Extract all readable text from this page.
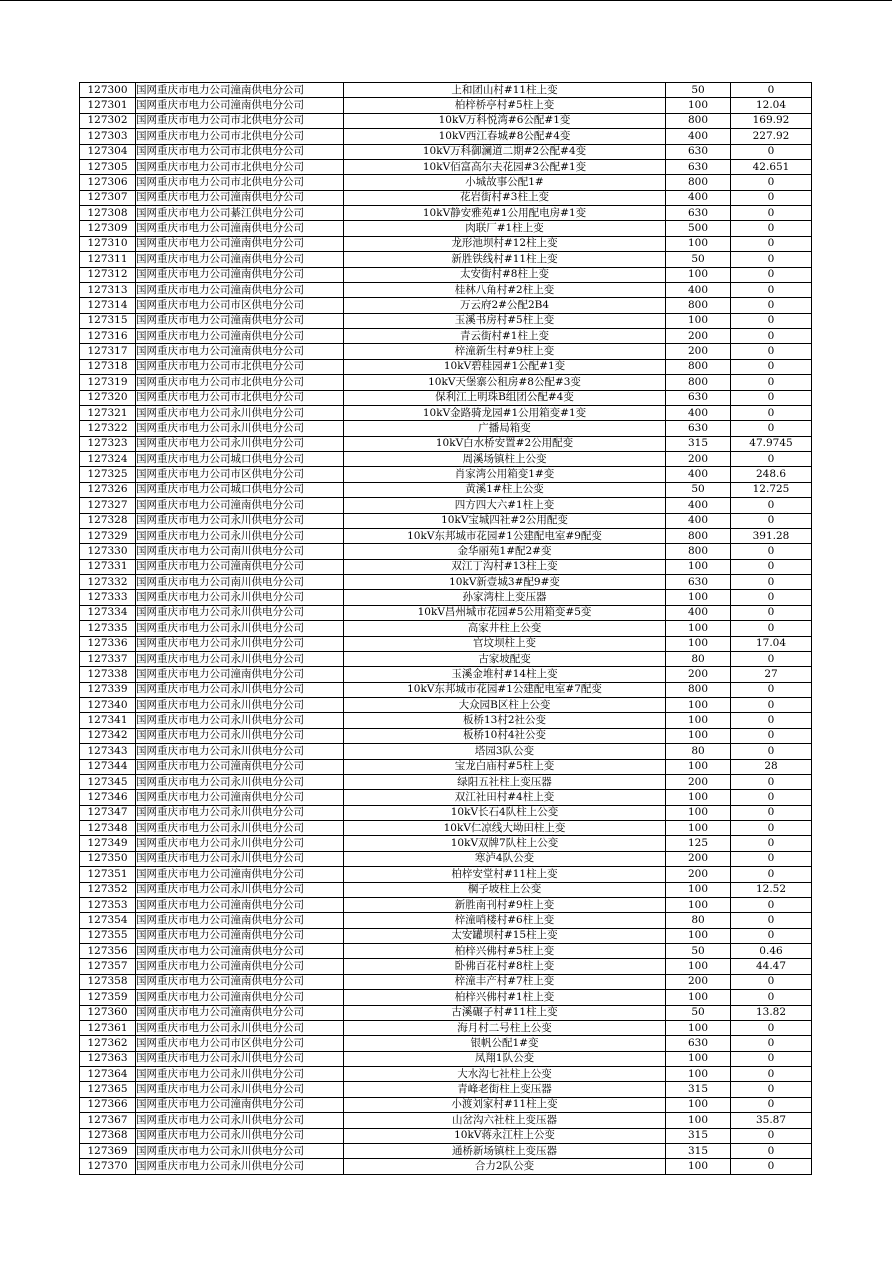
127300	国网重庆市电力公司潼南供电分公司	上和团山村#11柱上变	50	0
127301	国网重庆市电力公司潼南供电分公司	柏梓桥亭村#5柱上变	100	12.04
127302	国网重庆市电力公司市北供电分公司	10kV万科悦湾#6公配#1变	800	169.92
127303	国网重庆市电力公司市北供电分公司	10kV西江春城#8公配#4变	400	227.92
127304	国网重庆市电力公司市北供电分公司	10kV万科御澜道二期#2公配#4变	630	0
127305	国网重庆市电力公司市北供电分公司	10kV佰富高尔夫花园#3公配#1变	630	42.651
127306	国网重庆市电力公司市北供电分公司	小城故事公配1#	800	0
127307	国网重庆市电力公司潼南供电分公司	花岩街村#3柱上变	400	0
127308	国网重庆市电力公司綦江供电分公司	10kV静安雅苑#1公用配电房#1变	630	0
127309	国网重庆市电力公司潼南供电分公司	肉联厂#1柱上变	500	0
127310	国网重庆市电力公司潼南供电分公司	龙形池坝村#12柱上变	100	0
127311	国网重庆市电力公司潼南供电分公司	新胜铁线村#11柱上变	50	0
127312	国网重庆市电力公司潼南供电分公司	太安街村#8柱上变	100	0
127313	国网重庆市电力公司潼南供电分公司	桂林八角村#2柱上变	400	0
127314	国网重庆市电力公司市区供电分公司	万云府2#公配2B4	800	0
127315	国网重庆市电力公司潼南供电分公司	玉溪书房村#5柱上变	100	0
127316	国网重庆市电力公司潼南供电分公司	青云街村#1柱上变	200	0
127317	国网重庆市电力公司潼南供电分公司	梓潼新生村#9柱上变	200	0
127318	国网重庆市电力公司市北供电分公司	10kV碧桂园#1公配#1变	800	0
127319	国网重庆市电力公司市北供电分公司	10kV天堡寨公租房#8公配#3变	800	0
127320	国网重庆市电力公司市北供电分公司	保利江上明珠B组团公配#4变	630	0
127321	国网重庆市电力公司永川供电分公司	10kV金路骑龙园#1公用箱变#1变	400	0
127322	国网重庆市电力公司永川供电分公司	广播局箱变	630	0
127323	国网重庆市电力公司永川供电分公司	10kV白水桥安置#2公用配变	315	47.9745
127324	国网重庆市电力公司城口供电分公司	周溪场镇柱上公变	200	0
127325	国网重庆市电力公司市区供电分公司	肖家湾公用箱变1#变	400	248.6
127326	国网重庆市电力公司城口供电分公司	黄溪1#柱上公变	50	12.725
127327	国网重庆市电力公司潼南供电分公司	四方四大六#1柱上变	400	0
127328	国网重庆市电力公司永川供电分公司	10kV宝城四社#2公用配变	400	0
127329	国网重庆市电力公司永川供电分公司	10kV东邦城市花园#1公建配电室#9配变	800	391.28
127330	国网重庆市电力公司南川供电分公司	金华丽苑1#配2#变	800	0
127331	国网重庆市电力公司潼南供电分公司	双江丁沟村#13柱上变	100	0
127332	国网重庆市电力公司南川供电分公司	10kV新壹城3#配9#变	630	0
127333	国网重庆市电力公司永川供电分公司	孙家湾柱上变压器	100	0
127334	国网重庆市电力公司永川供电分公司	10kV昌州城市花园#5公用箱变#5变	400	0
127335	国网重庆市电力公司永川供电分公司	高家井柱上公变	100	0
127336	国网重庆市电力公司永川供电分公司	官坟坝柱上变	100	17.04
127337	国网重庆市电力公司永川供电分公司	古家坡配变	80	0
127338	国网重庆市电力公司潼南供电分公司	玉溪金堆村#14柱上变	200	27
127339	国网重庆市电力公司永川供电分公司	10kV东邦城市花园#1公建配电室#7配变	800	0
127340	国网重庆市电力公司永川供电分公司	大众园B区柱上公变	100	0
127341	国网重庆市电力公司永川供电分公司	板桥13村2社公变	100	0
127342	国网重庆市电力公司永川供电分公司	板桥10村4社公变	100	0
127343	国网重庆市电力公司永川供电分公司	塔园3队公变	80	0
127344	国网重庆市电力公司潼南供电分公司	宝龙白庙村#5柱上变	100	28
127345	国网重庆市电力公司永川供电分公司	绿阳五社柱上变压器	200	0
127346	国网重庆市电力公司潼南供电分公司	双江社田村#4柱上变	100	0
127347	国网重庆市电力公司永川供电分公司	10kV长石4队柱上公变	100	0
127348	国网重庆市电力公司永川供电分公司	10kV仁凉线大坳田柱上变	100	0
127349	国网重庆市电力公司永川供电分公司	10kV双牌7队柱上公变	125	0
127350	国网重庆市电力公司永川供电分公司	寒泸4队公变	200	0
127351	国网重庆市电力公司潼南供电分公司	柏梓安堂村#11柱上变	200	0
127352	国网重庆市电力公司永川供电分公司	棡子坡柱上公变	100	12.52
127353	国网重庆市电力公司潼南供电分公司	新胜南刊村#9柱上变	100	0
127354	国网重庆市电力公司潼南供电分公司	梓潼哨楼村#6柱上变	80	0
127355	国网重庆市电力公司潼南供电分公司	太安罐坝村#15柱上变	100	0
127356	国网重庆市电力公司潼南供电分公司	柏梓兴佛村#5柱上变	50	0.46
127357	国网重庆市电力公司潼南供电分公司	卧佛百花村#8柱上变	100	44.47
127358	国网重庆市电力公司潼南供电分公司	梓潼丰产村#7柱上变	200	0
127359	国网重庆市电力公司潼南供电分公司	柏梓兴佛村#1柱上变	100	0
127360	国网重庆市电力公司潼南供电分公司	古溪碾子村#11柱上变	50	13.82
127361	国网重庆市电力公司永川供电分公司	海月村二号柱上公变	100	0
127362	国网重庆市电力公司市区供电分公司	银帆公配1#变	630	0
127363	国网重庆市电力公司永川供电分公司	凤翔1队公变	100	0
127364	国网重庆市电力公司永川供电分公司	大水沟七社柱上公变	100	0
127365	国网重庆市电力公司永川供电分公司	青峰老街柱上变压器	315	0
127366	国网重庆市电力公司潼南供电分公司	小渡刘家村#11柱上变	100	0
127367	国网重庆市电力公司永川供电分公司	山岔沟六社柱上变压器	100	35.87
127368	国网重庆市电力公司永川供电分公司	10kV蒋永江柱上公变	315	0
127369	国网重庆市电力公司永川供电分公司	通桥新场镇柱上变压器	315	0
127370	国网重庆市电力公司永川供电分公司	合力2队公变	100	0
